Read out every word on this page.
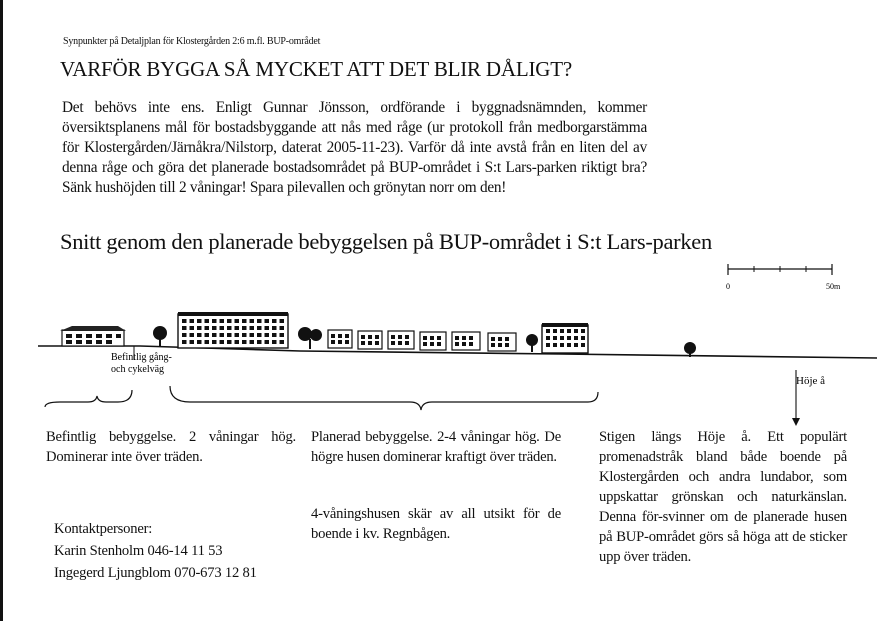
Synpunkter på Detaljplan för Klostergården 2:6 m.fl. BUP-området
VARFÖR BYGGA SÅ MYCKET ATT DET BLIR DÅLIGT?
Det behövs inte ens. Enligt Gunnar Jönsson, ordförande i byggnadsnämnden, kommer översiktsplanens mål för bostadsbyggande att nås med råge (ur protokoll från medborgarstämma för Klostergården/Järnåkra/Nilstorp, daterat 2005-11-23). Varför då inte avstå från en liten del av denna råge och göra det planerade bostadsområdet på BUP-området i S:t Lars-parken riktigt bra? Sänk hushöjden till 2 våningar! Spara pilevallen och grönytan norr om den!
Snitt genom den planerade bebyggelsen på BUP-området i S:t Lars-parken
0	50m
Befintlig gång-
och cykelväg
Höje å
Befintlig bebyggelse. 2 våningar hög. Dominerar inte över träden.
Planerad bebyggelse. 2-4 våningar hög. De högre husen dominerar kraftigt över träden.
4-våningshusen skär av all utsikt för de boende i kv. Regnbågen.
Stigen längs Höje å. Ett populärt promenadstråk bland både boende på Klostergården och andra lundabor, som uppskattar grönskan och naturkänslan. Denna för-svinner om de planerade husen på BUP-området görs så höga att de sticker upp över träden.
Kontaktpersoner:
Karin Stenholm 046-14 11 53
Ingegerd Ljungblom 070-673 12 81
